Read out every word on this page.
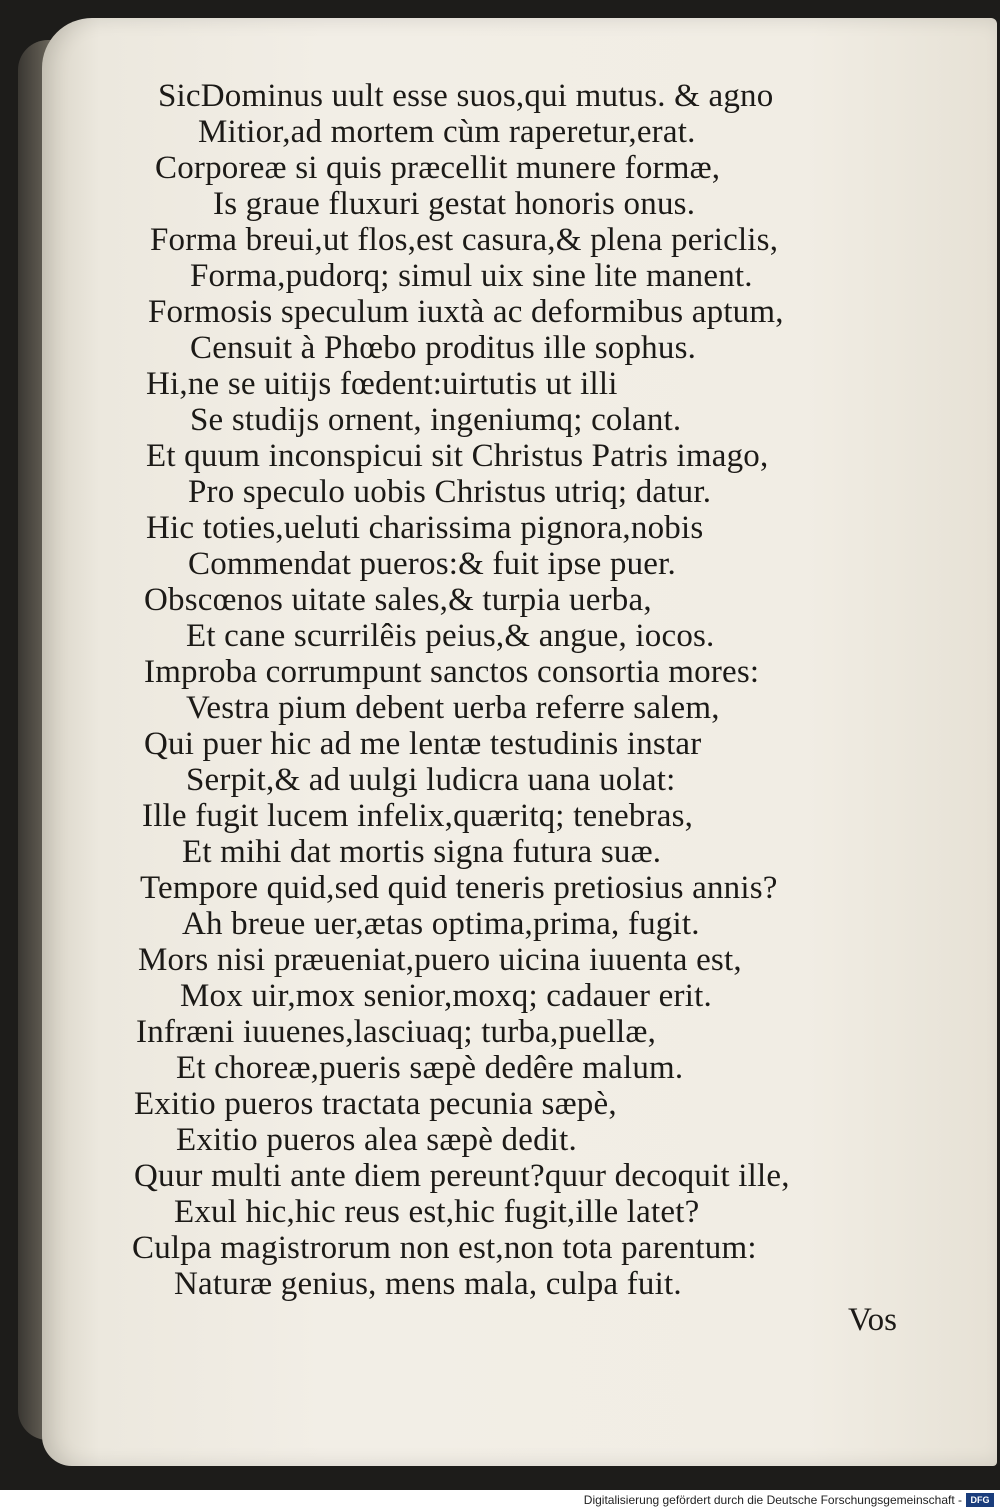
SicDominus uult esse suos,qui mutus. & agno
Mitior,ad mortem cùm raperetur,erat.
Corporeæ si quis præcellit munere formæ,
Is graue fluxuri gestat honoris onus.
Forma breui,ut flos,est casura,& plena periclis,
Forma,pudorq; simul uix sine lite manent.
Formosis speculum iuxtà ac deformibus aptum,
Censuit à Phœbo proditus ille sophus.
Hi,ne se uitijs fœdent:uirtutis ut illi
Se studijs ornent, ingeniumq; colant.
Et quum inconspicui sit Christus Patris imago,
Pro speculo uobis Christus utriq; datur.
Hic toties,ueluti charissima pignora,nobis
Commendat pueros:& fuit ipse puer.
Obscœnos uitate sales,& turpia uerba,
Et cane scurrilêis peius,& angue, iocos.
Improba corrumpunt sanctos consortia mores:
Vestra pium debent uerba referre salem,
Qui puer hic ad me lentæ testudinis instar
Serpit,& ad uulgi ludicra uana uolat:
Ille fugit lucem infelix,quæritq; tenebras,
Et mihi dat mortis signa futura suæ.
Tempore quid,sed quid teneris pretiosius annis?
Ah breue uer,ætas optima,prima, fugit.
Mors nisi præueniat,puero uicina iuuenta est,
Mox uir,mox senior,moxq; cadauer erit.
Infræni iuuenes,lasciuaq; turba,puellæ,
Et choreæ,pueris sæpè dedêre malum.
Exitio pueros tractata pecunia sæpè,
Exitio pueros alea sæpè dedit.
Quur multi ante diem pereunt?quur decoquit ille,
Exul hic,hic reus est,hic fugit,ille latet?
Culpa magistrorum non est,non tota parentum:
Naturæ genius, mens mala, culpa fuit.
Vos
Digitalisierung gefördert durch die Deutsche Forschungsgemeinschaft - DFG
